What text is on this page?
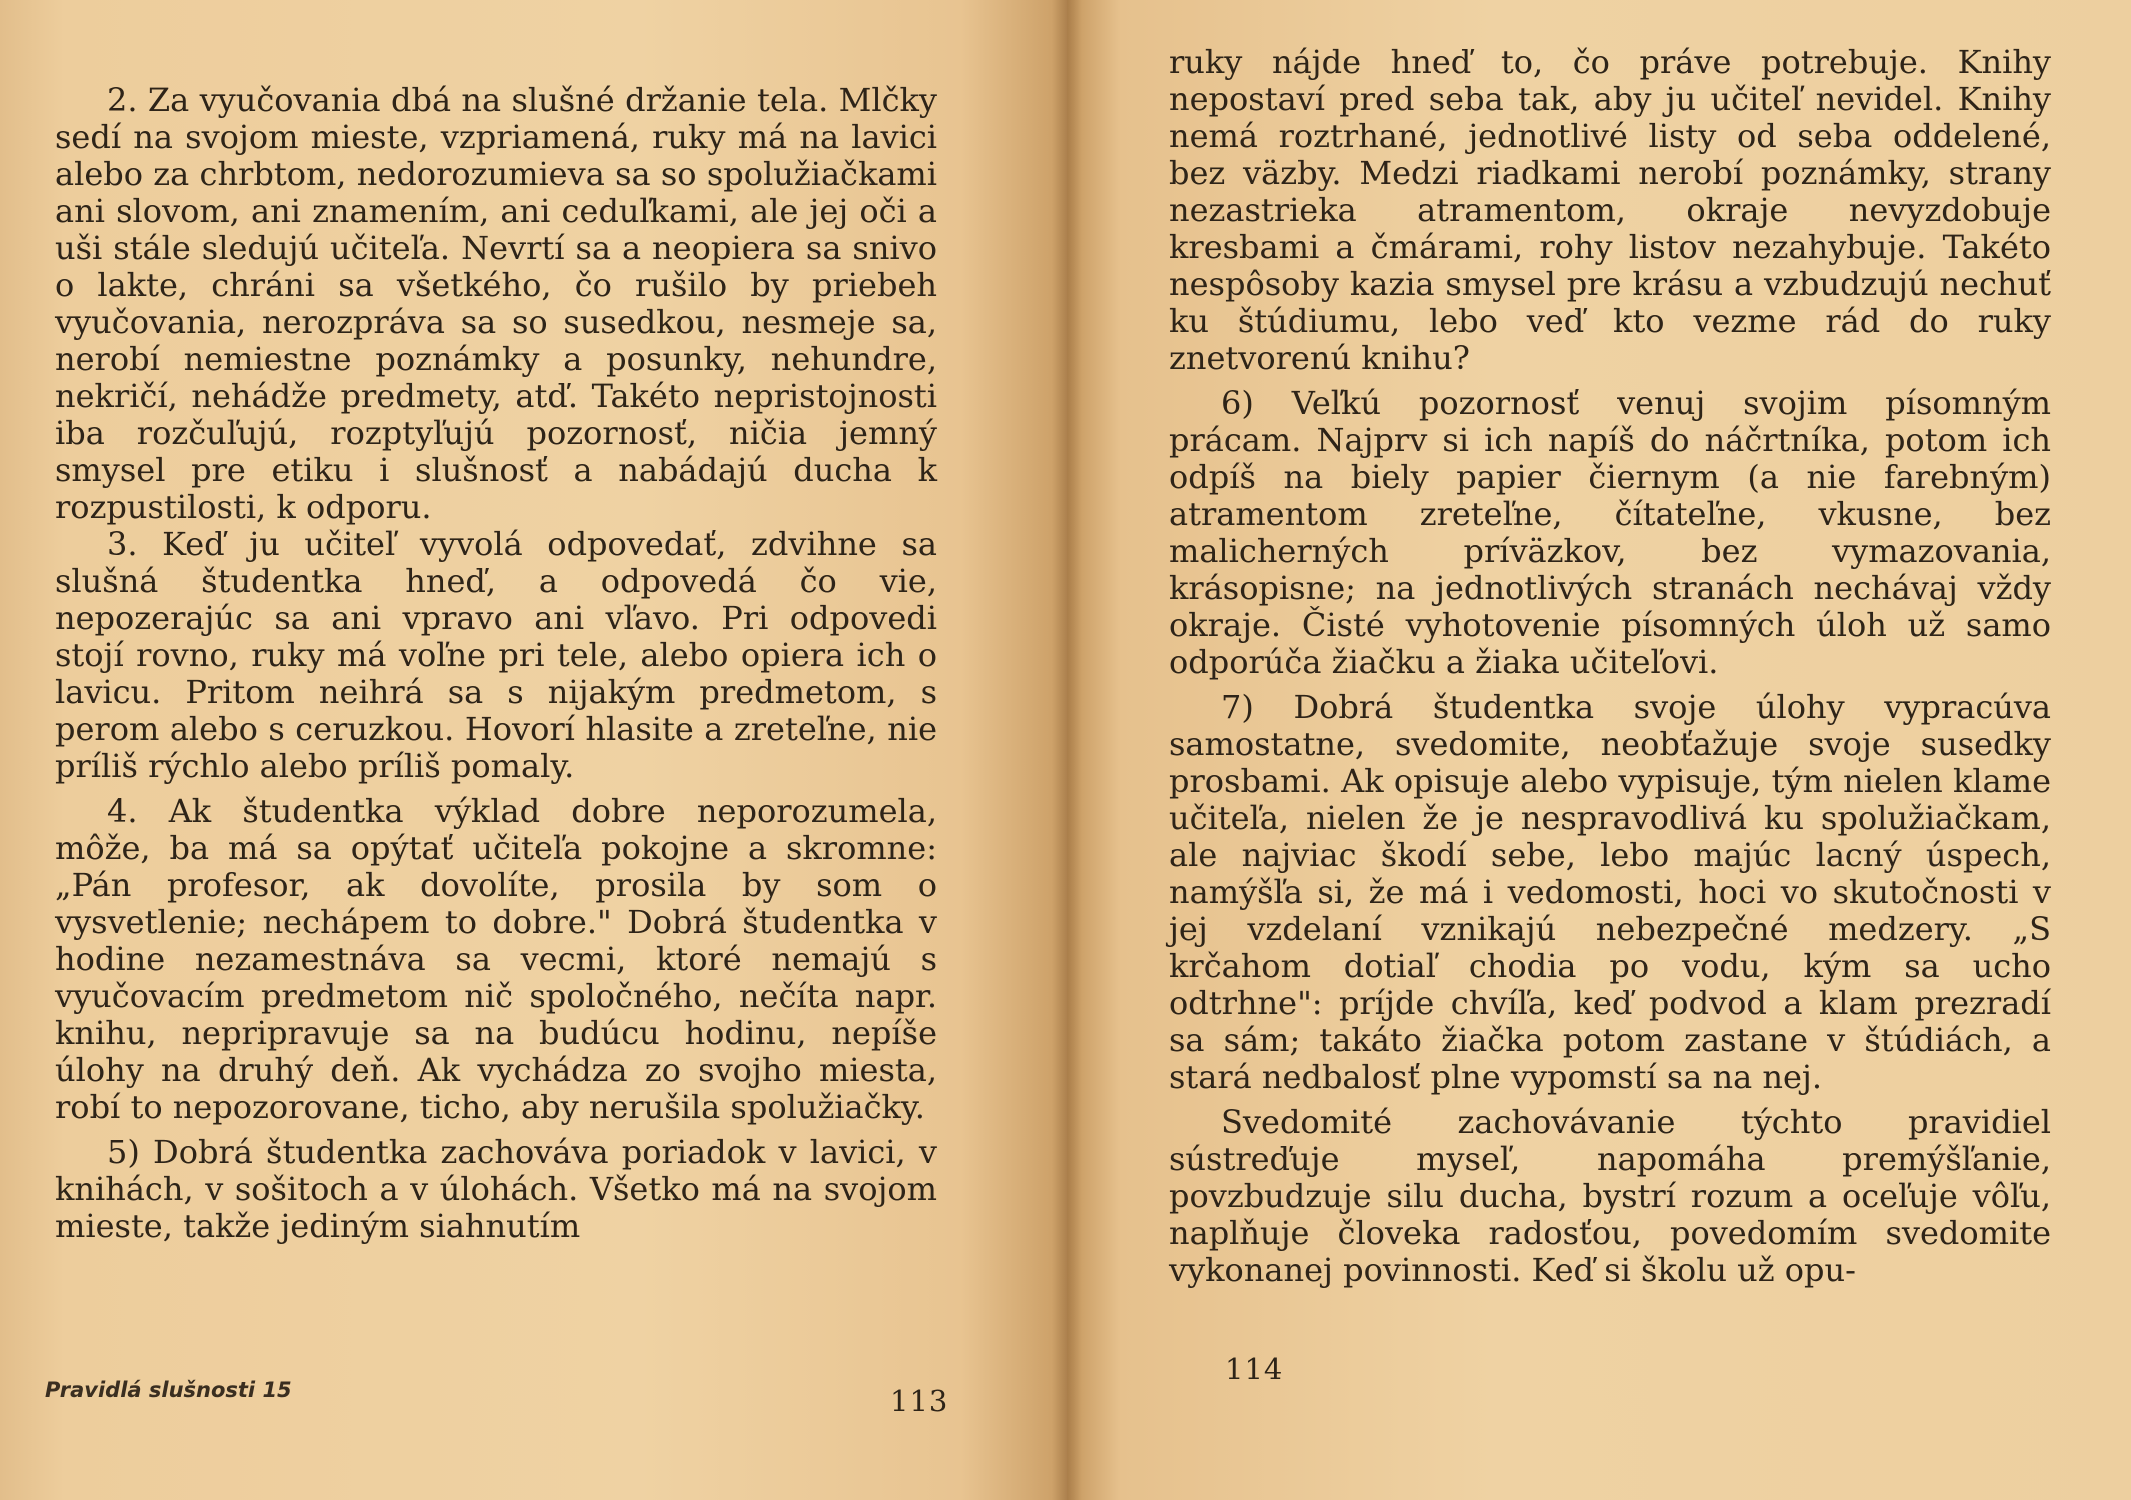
2. Za vyučovania dbá na slušné držanie tela. Mlčky sedí na svojom mieste, vzpriamená, ruky má na lavici alebo za chrbtom, nedorozumieva sa so spolužiačkami ani slovom, ani znamením, ani ceduľkami, ale jej oči a uši stále sledujú učiteľa. Nevrtí sa a neopiera sa snivo o lakte, chráni sa všetkého, čo rušilo by priebeh vyučovania, nerozpráva sa so susedkou, nesmeje sa, nerobí nemiestne poznámky a posunky, nehundre, nekričí, nehádže predmety, atď. Takéto nepristojnosti iba rozčuľujú, rozptyľujú pozornosť, ničia jemný smysel pre etiku i slušnosť a nabádajú ducha k rozpustilosti, k odporu.

3. Keď ju učiteľ vyvolá odpovedať, zdvihne sa slušná študentka hneď, a odpovedá čo vie, nepozerajúc sa ani vpravo ani vľavo. Pri odpovedi stojí rovno, ruky má voľne pri tele, alebo opiera ich o lavicu. Pritom neihrá sa s nijakým predmetom, s perom alebo s ceruzkou. Hovorí hlasite a zreteľne, nie príliš rýchlo alebo príliš pomaly.

4. Ak študentka výklad dobre neporozumela, môže, ba má sa opýtať učiteľa pokojne a skromne: „Pán profesor, ak dovolíte, prosila by som o vysvetlenie; nechápem to dobre." Dobrá študentka v hodine nezamestnáva sa vecmi, ktoré nemajú s vyučovacím predmetom nič spoločného, nečíta napr. knihu, nepripravuje sa na budúcu hodinu, nepíše úlohy na druhý deň. Ak vychádza zo svojho miesta, robí to nepozorovane, ticho, aby nerušila spolužiačky.

5) Dobrá študentka zachováva poriadok v lavici, v knihách, v sošitoch a v úlohách. Všetko má na svojom mieste, takže jediným siahnutím

Pravidlá slušnosti 15	113

ruky nájde hneď to, čo práve potrebuje. Knihy nepostaví pred seba tak, aby ju učiteľ nevidel. Knihy nemá roztrhané, jednotlivé listy od seba oddelené, bez väzby. Medzi riadkami nerobí poznámky, strany nezastrieka atramentom, okraje nevyzdobuje kresbami a čmárami, rohy listov nezahybuje. Takéto nespôsoby kazia smysel pre krásu a vzbudzujú nechuť ku štúdiumu, lebo veď kto vezme rád do ruky znetvorenú knihu?

6) Veľkú pozornosť venuj svojim písomným prácam. Najprv si ich napíš do náčrtníka, potom ich odpíš na biely papier čiernym (a nie farebným) atramentom zreteľne, čítateľne, vkusne, bez malicherných príväzkov, bez vymazovania, krásopisne; na jednotlivých stranách nechávaj vždy okraje. Čisté vyhotovenie písomných úloh už samo odporúča žiačku a žiaka učiteľovi.

7) Dobrá študentka svoje úlohy vypracúva samostatne, svedomite, neobťažuje svoje susedky prosbami. Ak opisuje alebo vypisuje, tým nielen klame učiteľa, nielen že je nespravodlivá ku spolužiačkam, ale najviac škodí sebe, lebo majúc lacný úspech, namýšľa si, že má i vedomosti, hoci vo skutočnosti v jej vzdelaní vznikajú nebezpečné medzery. „S krčahom dotiaľ chodia po vodu, kým sa ucho odtrhne": príjde chvíľa, keď podvod a klam prezradí sa sám; takáto žiačka potom zastane v štúdiách, a stará nedbalosť plne vypomstí sa na nej.

Svedomité zachovávanie týchto pravidiel sústreďuje myseľ, napomáha premýšľanie, povzbudzuje silu ducha, bystrí rozum a oceľuje vôľu, naplňuje človeka radosťou, povedomím svedomite vykonanej povinnosti. Keď si školu už opu-

114
